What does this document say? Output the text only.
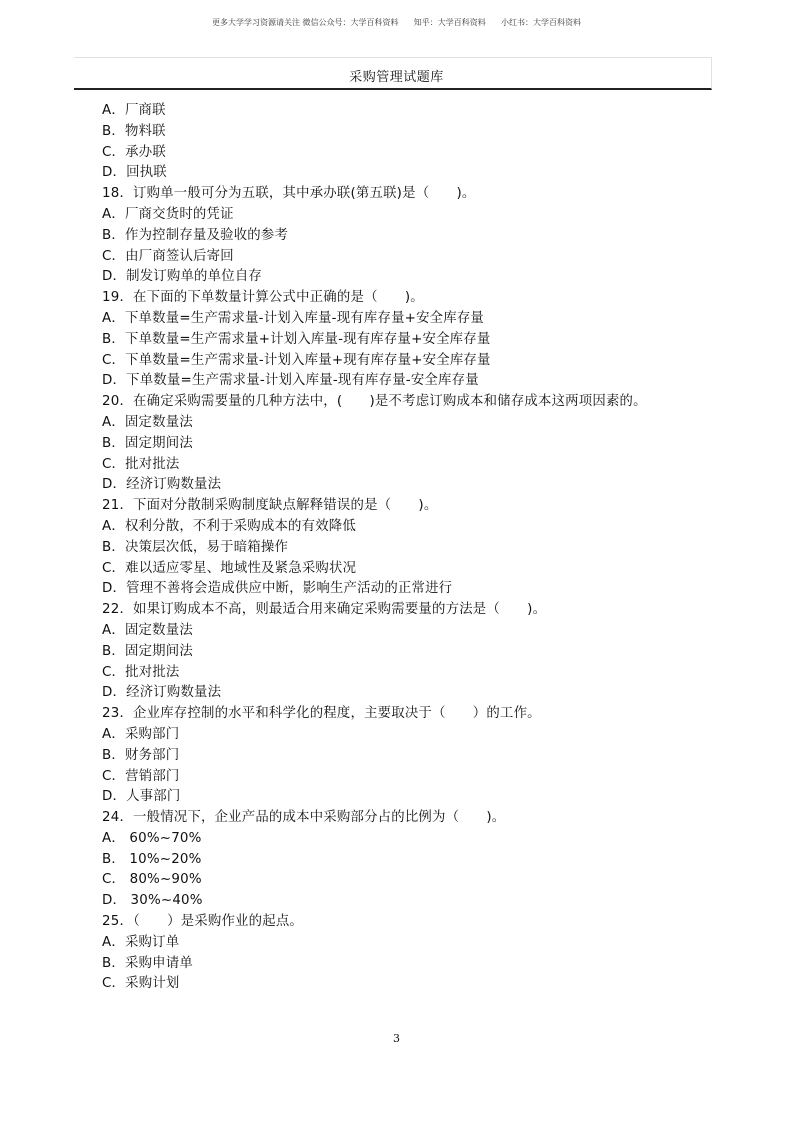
更多大学学习资源请关注 微信公众号：大学百科资料      知乎：大学百科资料      小红书：大学百科资料
采购管理试题库
A．厂商联
B．物料联
C．承办联
D．回执联
18．订购单一般可分为五联，其中承办联(第五联)是（　　)。
A．厂商交货时的凭证
B．作为控制存量及验收的参考
C．由厂商签认后寄回
D．制发订购单的单位自存
19．在下面的下单数量计算公式中正确的是（　　)。
A．下单数量=生产需求量-计划入库量-现有库存量+安全库存量
B．下单数量=生产需求量+计划入库量-现有库存量+安全库存量
C．下单数量=生产需求量-计划入库量+现有库存量+安全库存量
D．下单数量=生产需求量-计划入库量-现有库存量-安全库存量
20．在确定采购需要量的几种方法中，(　　)是不考虑订购成本和储存成本这两项因素的。
A．固定数量法
B．固定期间法
C．批对批法
D．经济订购数量法
21．下面对分散制采购制度缺点解释错误的是（　　)。
A．权利分散，不利于采购成本的有效降低
B．决策层次低，易于暗箱操作
C．难以适应零星、地域性及紧急采购状况
D．管理不善将会造成供应中断，影响生产活动的正常进行
22．如果订购成本不高，则最适合用来确定采购需要量的方法是（　　)。
A．固定数量法
B．固定期间法
C．批对批法
D．经济订购数量法
23．企业库存控制的水平和科学化的程度，主要取决于（　　）的工作。
A．采购部门
B．财务部门
C．营销部门
D．人事部门
24．一般情况下，企业产品的成本中采购部分占的比例为（　　)。
A． 60%~70%
B． 10%~20%
C． 80%~90%
D． 30%~40%
25．（　　）是采购作业的起点。
A．采购订单
B．采购申请单
C．采购计划
3
